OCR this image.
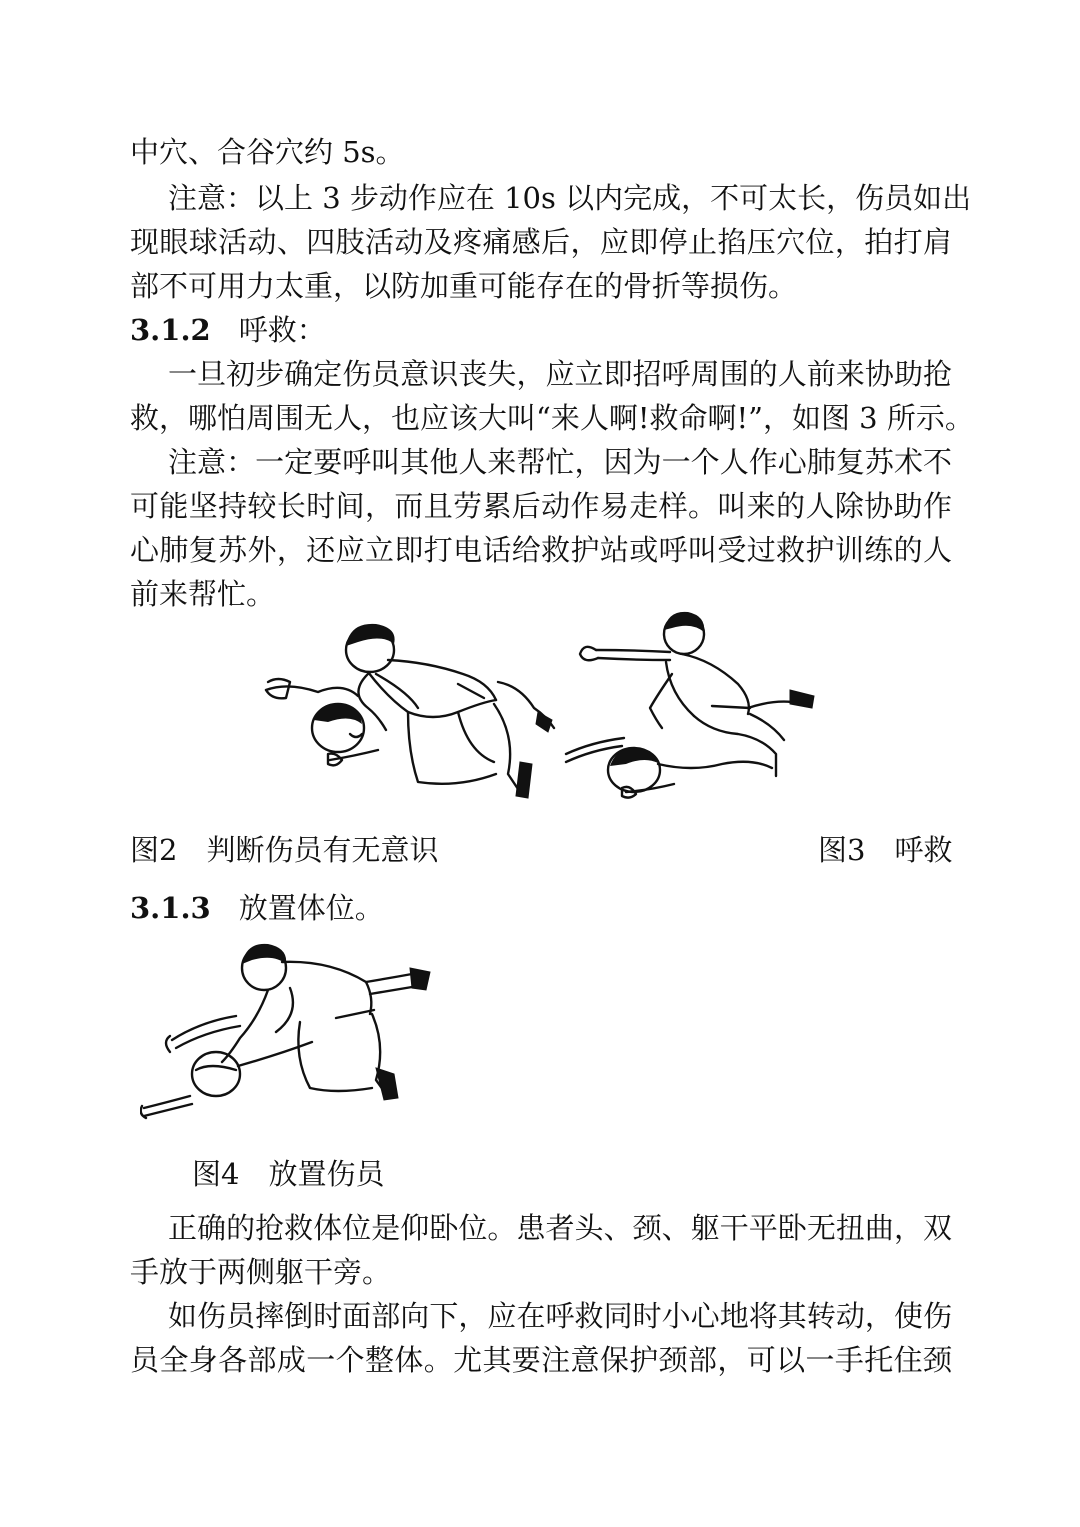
中穴、合谷穴约 5s。
注意：以上 3 步动作应在 10s 以内完成，不可太长，伤员如出
现眼球活动、四肢活动及疼痛感后，应即停止掐压穴位，拍打肩
部不可用力太重，以防加重可能存在的骨折等损伤。
3.1.2 呼救：
一旦初步确定伤员意识丧失，应立即招呼周围的人前来协助抢
救，哪怕周围无人，也应该大叫“来人啊!救命啊!”，如图 3 所示。
注意：一定要呼叫其他人来帮忙，因为一个人作心肺复苏术不
可能坚持较长时间，而且劳累后动作易走样。叫来的人除协助作
心肺复苏外，还应立即打电话给救护站或呼叫受过救护训练的人
前来帮忙。
图2　判断伤员有无意识	图3　呼救
3.1.3 放置体位。
图4　放置伤员
正确的抢救体位是仰卧位。患者头、颈、躯干平卧无扭曲，双
手放于两侧躯干旁。
如伤员摔倒时面部向下，应在呼救同时小心地将其转动，使伤
员全身各部成一个整体。尤其要注意保护颈部，可以一手托住颈
